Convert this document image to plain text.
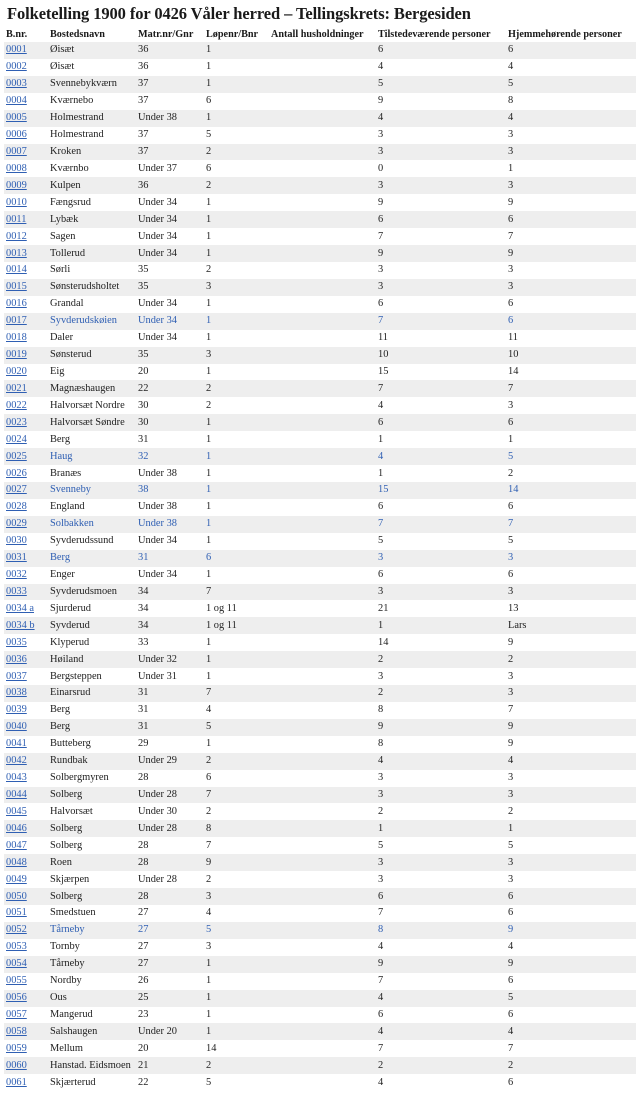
Folketelling 1900 for 0426 Våler herred – Tellingskrets: Bergesiden
B.nr.	Bostedsnavn	Matr.nr/Gnr	Løpenr/Bnr	Antall husholdninger	Tilstedeværende personer	Hjemmehørende personer
0001	Øisæt	36	1		6	6
0002	Øisæt	36	1		4	4
0003	Svennebykværn	37	1		5	5
0004	Kværnebo	37	6		9	8
0005	Holmestrand	Under 38	1		4	4
0006	Holmestrand	37	5		3	3
0007	Kroken	37	2		3	3
0008	Kværnbo	Under 37	6		0	1
0009	Kulpen	36	2		3	3
0010	Fængsrud	Under 34	1		9	9
0011	Lybæk	Under 34	1		6	6
0012	Sagen	Under 34	1		7	7
0013	Tollerud	Under 34	1		9	9
0014	Sørli	35	2		3	3
0015	Sønsterudsholtet	35	3		3	3
0016	Grandal	Under 34	1		6	6
0017	Syvderudskøien	Under 34	1		7	6
0018	Daler	Under 34	1		11	11
0019	Sønsterud	35	3		10	10
0020	Eig	20	1		15	14
0021	Magnæshaugen	22	2		7	7
0022	Halvorsæt Nordre	30	2		4	3
0023	Halvorsæt Søndre	30	1		6	6
0024	Berg	31	1		1	1
0025	Haug	32	1		4	5
0026	Branæs	Under 38	1		1	2
0027	Svenneby	38	1		15	14
0028	England	Under 38	1		6	6
0029	Solbakken	Under 38	1		7	7
0030	Syvderudssund	Under 34	1		5	5
0031	Berg	31	6		3	3
0032	Enger	Under 34	1		6	6
0033	Syvderudsmoen	34	7		3	3
0034 a	Sjurderud	34	1 og 11		21	13
0034 b	Syvderud	34	1 og 11		1	Lars
0035	Klyperud	33	1		14	9
0036	Høiland	Under 32	1		2	2
0037	Bergsteppen	Under 31	1		3	3
0038	Einarsrud	31	7		2	3
0039	Berg	31	4		8	7
0040	Berg	31	5		9	9
0041	Butteberg	29	1		8	9
0042	Rundbak	Under 29	2		4	4
0043	Solbergmyren	28	6		3	3
0044	Solberg	Under 28	7		3	3
0045	Halvorsæt	Under 30	2		2	2
0046	Solberg	Under 28	8		1	1
0047	Solberg	28	7		5	5
0048	Roen	28	9		3	3
0049	Skjærpen	Under 28	2		3	3
0050	Solberg	28	3		6	6
0051	Smedstuen	27	4		7	6
0052	Tårneby	27	5		8	9
0053	Tornby	27	3		4	4
0054	Tårneby	27	1		9	9
0055	Nordby	26	1		7	6
0056	Ous	25	1		4	5
0057	Mangerud	23	1		6	6
0058	Salshaugen	Under 20	1		4	4
0059	Mellum	20	14		7	7
0060	Hanstad. Eidsmoen	21	2		2	2
0061	Skjærterud	22	5		4	6
